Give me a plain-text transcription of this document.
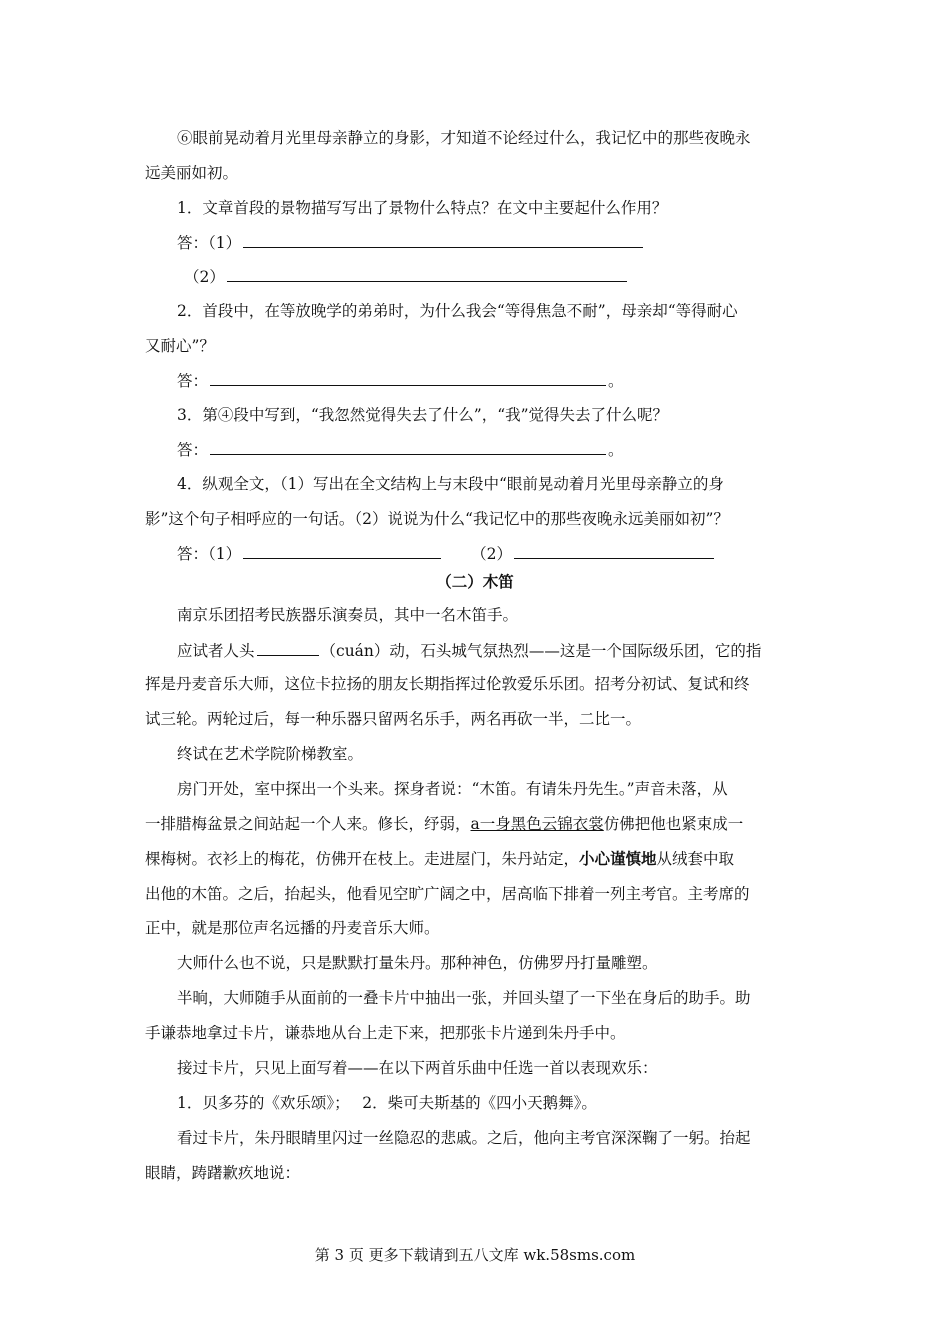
⑥眼前晃动着月光里母亲静立的身影，才知道不论经过什么，我记忆中的那些夜晚永
远美丽如初。
1．文章首段的景物描写写出了景物什么特点？在文中主要起什么作用？
答：（1）
（2）
2．首段中，在等放晚学的弟弟时，为什么我会“等得焦急不耐”，母亲却“等得耐心
又耐心”？
答：	。
3．第④段中写到，“我忽然觉得失去了什么”，“我”觉得失去了什么呢？
答：	。
4．纵观全文，（1）写出在全文结构上与末段中“眼前晃动着月光里母亲静立的身
影”这个句子相呼应的一句话。（2）说说为什么“我记忆中的那些夜晚永远美丽如初”？
答：（1）	（2）
（二）木笛
南京乐团招考民族器乐演奏员，其中一名木笛手。
应试者人头	（cuán）动，石头城气氛热烈——这是一个国际级乐团，它的指
挥是丹麦音乐大师，这位卡拉扬的朋友长期指挥过伦敦爱乐乐团。招考分初试、复试和终
试三轮。两轮过后，每一种乐器只留两名乐手，两名再砍一半，二比一。
终试在艺术学院阶梯教室。
房门开处，室中探出一个头来。探身者说：“木笛。有请朱丹先生。”声音未落，从
一排腊梅盆景之间站起一个人来。修长，纾弱，a一身黑色云锦衣裳仿佛把他也紧束成一
棵梅树。衣衫上的梅花，仿佛开在枝上。走进屋门，朱丹站定，小心谨慎地从绒套中取
出他的木笛。之后，抬起头，他看见空旷广阔之中，居高临下排着一列主考官。主考席的
正中，就是那位声名远播的丹麦音乐大师。
大师什么也不说，只是默默打量朱丹。那种神色，仿佛罗丹打量雕塑。
半晌，大师随手从面前的一叠卡片中抽出一张，并回头望了一下坐在身后的助手。助
手谦恭地拿过卡片，谦恭地从台上走下来，把那张卡片递到朱丹手中。
接过卡片，只见上面写着——在以下两首乐曲中任选一首以表现欢乐：
1．贝多芬的《欢乐颂》；　 2．柴可夫斯基的《四小天鹅舞》。
看过卡片，朱丹眼睛里闪过一丝隐忍的悲戚。之后，他向主考官深深鞠了一躬。抬起
眼睛，踌躇歉疚地说：
第 3 页 更多下载请到五八文库 wk.58sms.com
